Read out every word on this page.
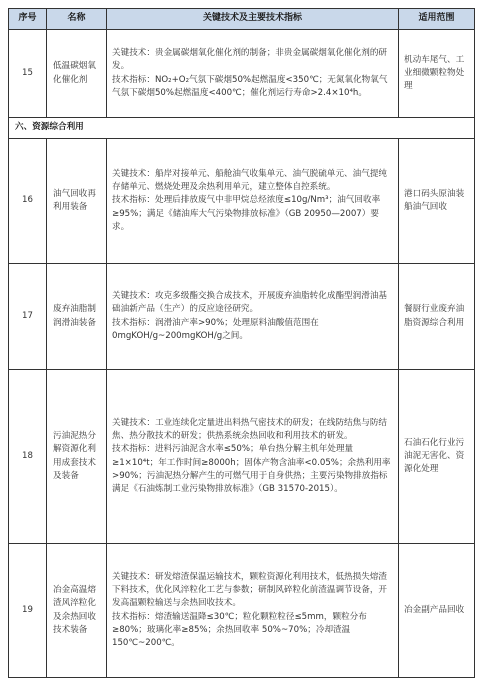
序号	名称	关键技术及主要技术指标	适用范围
15	低温碳烟氧化催化剂	关键技术：贵金属碳烟氧化催化剂的制备；非贵金属碳烟氧化催化剂的研发。
技术指标：NO₂+O₂气氛下碳烟50%起燃温度<350℃；无氮氧化物氧气气氛下碳烟50%起燃温度<400℃；催化剂运行寿命>2.4×10⁴h。	机动车尾气、工业细微颗粒物处理
六、资源综合利用			
16	油气回收再利用装备	关键技术：船岸对接单元、船舱油气收集单元、油气脱硫单元、油气提纯存储单元、燃烧处理及余热利用单元，建立整体自控系统。
技术指标：处理后排放废气中非甲烷总烃浓度≤10g/Nm³；油气回收率≥95%；满足《储油库大气污染物排放标准》（GB 20950—2007）要求。	港口码头原油装船油气回收
17	废弃油脂制润滑油装备	关键技术：攻克多级酯交换合成技术，开展废弃油脂转化成酯型润滑油基础油新产品（生产）的反应途径研究。
技术指标：润滑油产率>90%；处理原料油酸值范围在0mgKOH/g~200mgKOH/g之间。	餐厨行业废弃油脂资源综合利用
18	污油泥热分解资源化利用成套技术及装备	关键技术：工业连续化定量进出料热气密技术的研发；在线防结焦与防结焦、热分散技术的研发；供热系统余热回收和利用技术的研发。
技术指标：进料污油泥含水率≤50%；单台热分解主机年处理量≥1×10⁴t；年工作时间≥8000h；固体产物含油率<0.05%；余热利用率>90%；污油泥热分解产生的可燃气用于自身供热；主要污染物排放指标满足《石油炼制工业污染物排放标准》（GB 31570-2015）。	石油石化行业污油泥无害化、资源化处理
19	冶金高温熔渣风淬粒化及余热回收技术装备	关键技术：研发熔渣保温运输技术，颗粒资源化利用技术，低热损失熔渣下料技术，优化风淬粒化工艺与参数；研制风碎粒化前渣温调节设备，开发高温颗粒输送与余热回收技术。
技术指标：熔渣输送温降≤30℃；粒化颗粒粒径≤5mm，颗粒分布≥80%；玻璃化率≥85%；余热回收率 50%~70%；冷却渣温150℃~200℃。	冶金副产品回收
